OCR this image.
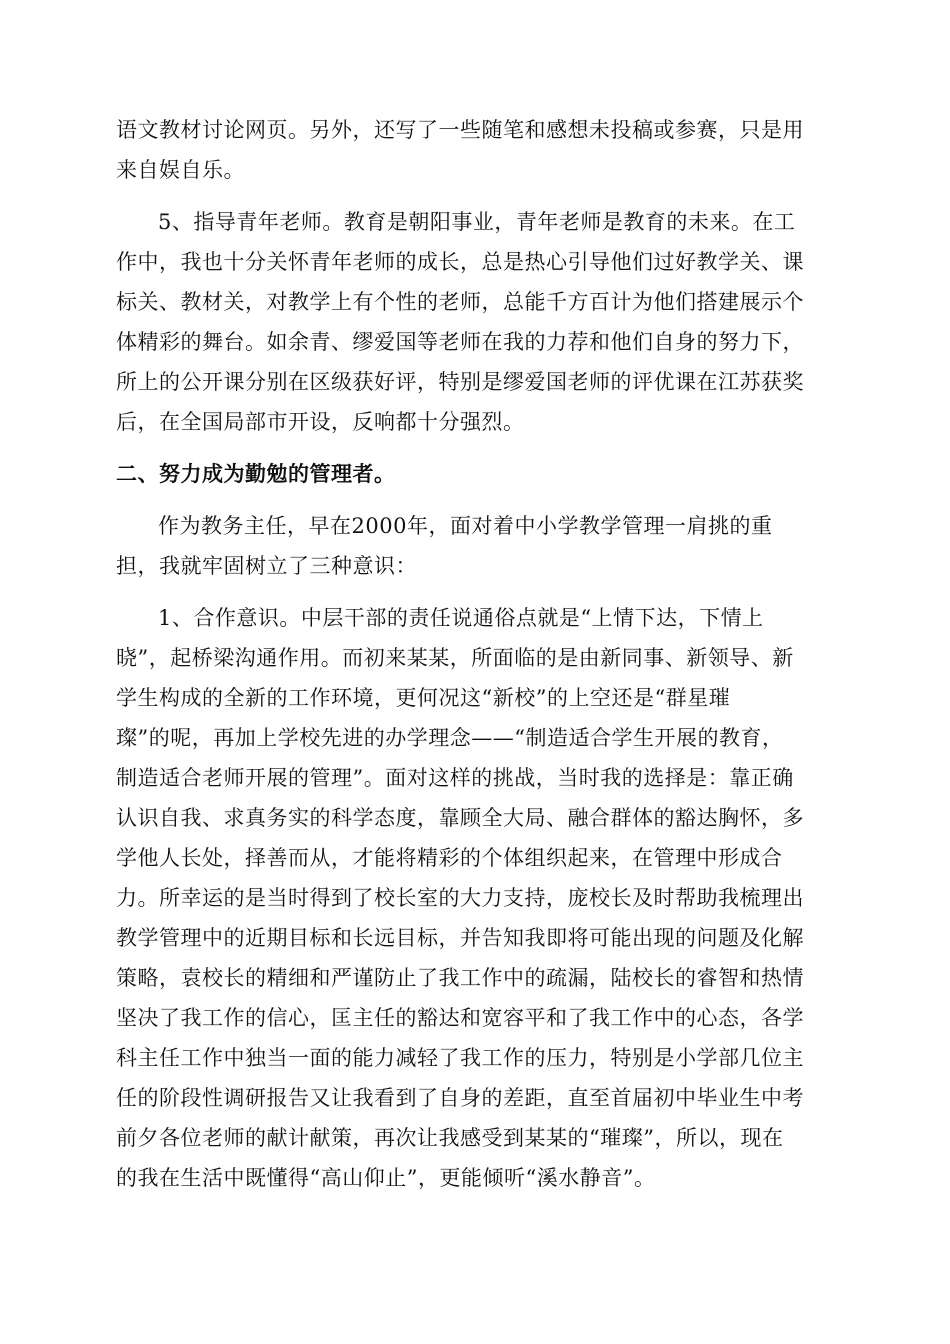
语文教材讨论网页。另外，还写了一些随笔和感想未投稿或参赛，只是用
来自娱自乐。
5、指导青年老师。教育是朝阳事业，青年老师是教育的未来。在工
作中，我也十分关怀青年老师的成长，总是热心引导他们过好教学关、课
标关、教材关，对教学上有个性的老师，总能千方百计为他们搭建展示个
体精彩的舞台。如余青、缪爱国等老师在我的力荐和他们自身的努力下，
所上的公开课分别在区级获好评，特别是缪爱国老师的评优课在江苏获奖
后，在全国局部市开设，反响都十分强烈。
二、努力成为勤勉的管理者。
作为教务主任，早在2000年，面对着中小学教学管理一肩挑的重
担，我就牢固树立了三种意识：
1、合作意识。中层干部的责任说通俗点就是“上情下达，下情上
晓”，起桥梁沟通作用。而初来某某，所面临的是由新同事、新领导、新
学生构成的全新的工作环境，更何况这“新校”的上空还是“群星璀
璨”的呢，再加上学校先进的办学理念——“制造适合学生开展的教育，
制造适合老师开展的管理”。面对这样的挑战，当时我的选择是：靠正确
认识自我、求真务实的科学态度，靠顾全大局、融合群体的豁达胸怀，多
学他人长处，择善而从，才能将精彩的个体组织起来，在管理中形成合
力。所幸运的是当时得到了校长室的大力支持，庞校长及时帮助我梳理出
教学管理中的近期目标和长远目标，并告知我即将可能出现的问题及化解
策略，袁校长的精细和严谨防止了我工作中的疏漏，陆校长的睿智和热情
坚决了我工作的信心，匡主任的豁达和宽容平和了我工作中的心态，各学
科主任工作中独当一面的能力减轻了我工作的压力，特别是小学部几位主
任的阶段性调研报告又让我看到了自身的差距，直至首届初中毕业生中考
前夕各位老师的献计献策，再次让我感受到某某的“璀璨”，所以，现在
的我在生活中既懂得“高山仰止”，更能倾听“溪水静音”。
